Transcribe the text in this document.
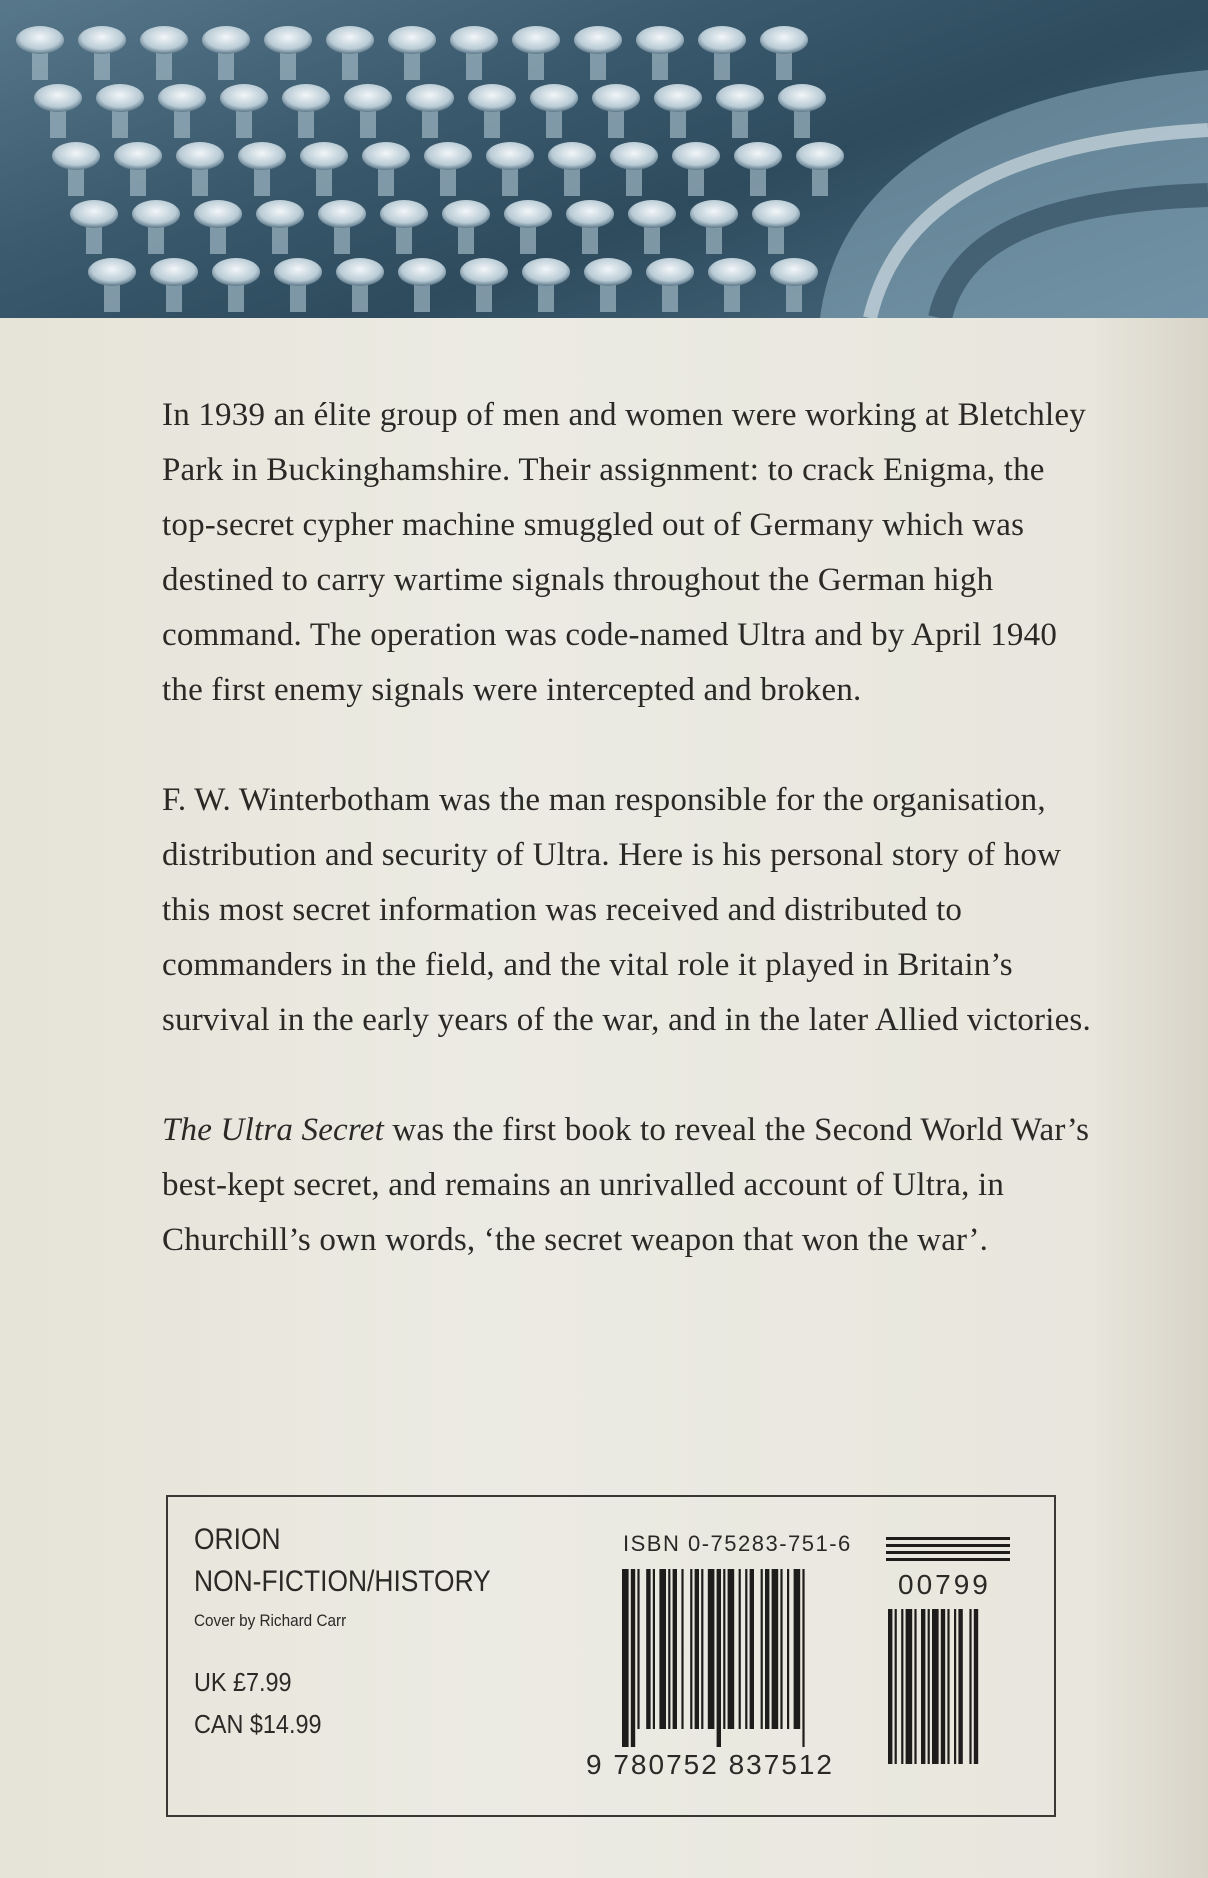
In 1939 an élite group of men and women were working at Bletchley Park in Buckinghamshire. Their assignment: to crack Enigma, the top-secret cypher machine smuggled out of Germany which was destined to carry wartime signals throughout the German high command. The operation was code-named Ultra and by April 1940 the first enemy signals were intercepted and broken.

F. W. Winterbotham was the man responsible for the organisation, distribution and security of Ultra. Here is his personal story of how this most secret information was received and distributed to commanders in the field, and the vital role it played in Britain’s survival in the early years of the war, and in the later Allied victories.

The Ultra Secret was the first book to reveal the Second World War’s best-kept secret, and remains an unrivalled account of Ultra, in Churchill’s own words, ‘the secret weapon that won the war’.

ORION
NON-FICTION/HISTORY
Cover by Richard Carr
UK £7.99
CAN $14.99
ISBN 0-75283-751-6
9 780752 837512
00799
